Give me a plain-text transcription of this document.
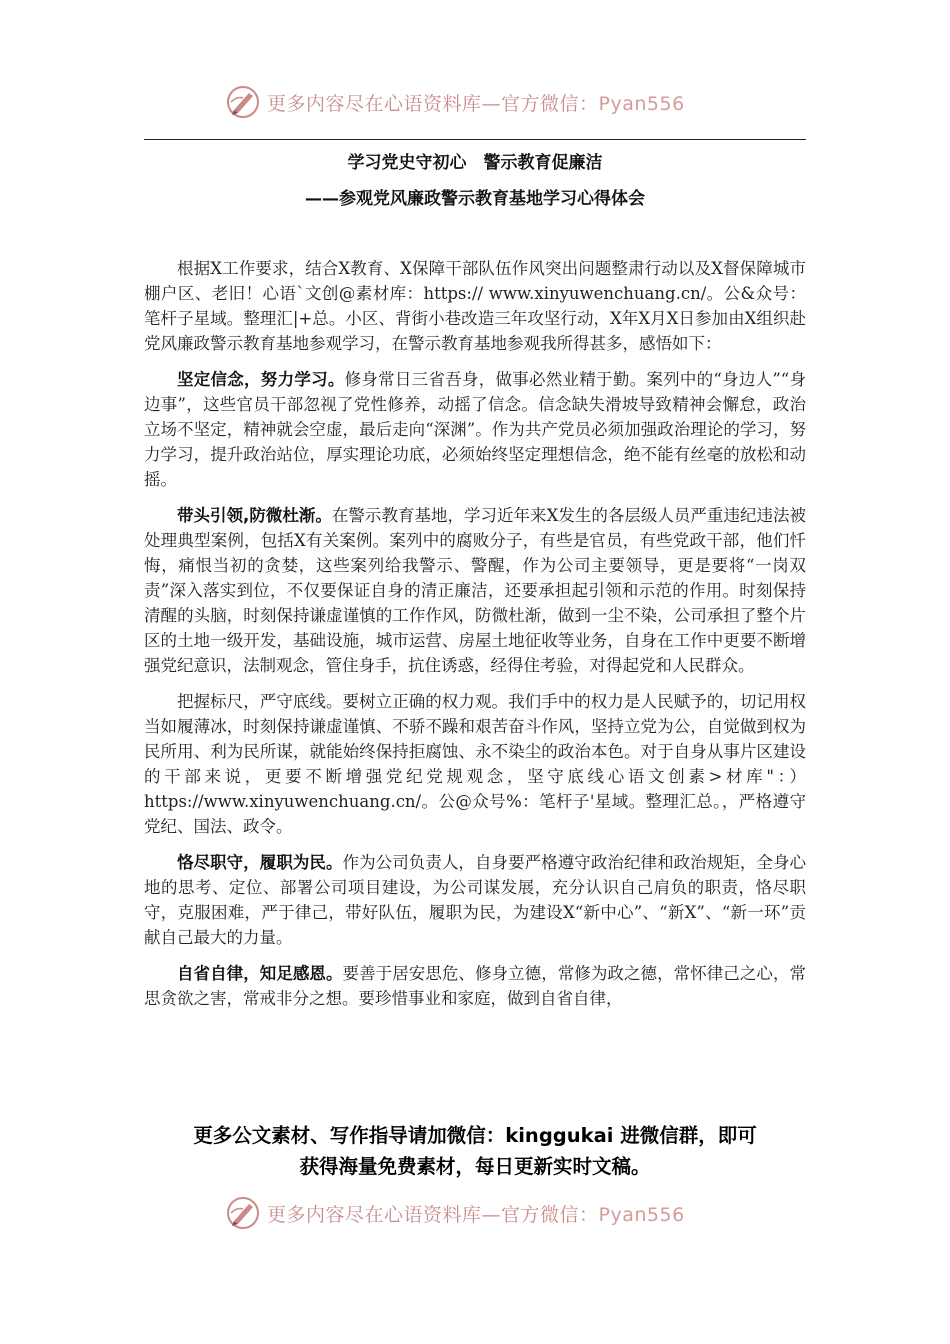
更多内容尽在心语资料库—官方微信：Pyan556
学习党史守初心　警示教育促廉洁
——参观党风廉政警示教育基地学习心得体会

根据X工作要求，结合X教育、X保障干部队伍作风突出问题整肃行动以及X督保障城市棚户区、老旧！心语`文创@素材库：https:// www.xinyuwenchuang.cn/。公&众号：笔杆子星域。整理汇|+总。小区、背街小巷改造三年攻坚行动，X年X月X日参加由X组织赴党风廉政警示教育基地参观学习，在警示教育基地参观我所得甚多，感悟如下：

坚定信念，努力学习。修身常日三省吾身，做事必然业精于勤。案列中的“身边人”“身边事”，这些官员干部忽视了党性修养，动摇了信念。信念缺失滑坡导致精神会懈怠，政治立场不坚定，精神就会空虚，最后走向“深渊”。作为共产党员必须加强政治理论的学习，努力学习，提升政治站位，厚实理论功底，必须始终坚定理想信念，绝不能有丝毫的放松和动摇。

带头引领,防微杜渐。在警示教育基地，学习近年来X发生的各层级人员严重违纪违法被处理典型案例，包括X有关案例。案列中的腐败分子，有些是官员，有些党政干部，他们忏悔，痛恨当初的贪婪，这些案列给我警示、警醒，作为公司主要领导，更是要将“一岗双责”深入落实到位，不仅要保证自身的清正廉洁，还要承担起引领和示范的作用。时刻保持清醒的头脑，时刻保持谦虚谨慎的工作作风，防微杜渐，做到一尘不染，公司承担了整个片区的土地一级开发，基础设施，城市运营、房屋土地征收等业务，自身在工作中更要不断增强党纪意识，法制观念，管住身手，抗住诱惑，经得住考验，对得起党和人民群众。

把握标尺，严守底线。要树立正确的权力观。我们手中的权力是人民赋予的，切记用权当如履薄冰，时刻保持谦虚谨慎、不骄不躁和艰苦奋斗作风，坚持立党为公，自觉做到权为民所用、利为民所谋，就能始终保持拒腐蚀、永不染尘的政治本色。对于自身从事片区建设的干部来说，更要不断增强党纪党规观念，坚守底线心语文创素>材库"：）https://www.xinyuwenchuang.cn/。公@众号%：笔杆子'星域。整理汇总。，严格遵守党纪、国法、政令。

恪尽职守，履职为民。作为公司负责人，自身要严格遵守政治纪律和政治规矩，全身心地的思考、定位、部署公司项目建设，为公司谋发展，充分认识自己肩负的职责，恪尽职守，克服困难，严于律己，带好队伍，履职为民，为建设X“新中心”、“新X”、“新一环”贡献自己最大的力量。

自省自律，知足感恩。要善于居安思危、修身立德，常修为政之德，常怀律己之心，常思贪欲之害，常戒非分之想。要珍惜事业和家庭，做到自省自律，

更多公文素材、写作指导请加微信：kinggukai 进微信群，即可
获得海量免费素材，每日更新实时文稿。
更多内容尽在心语资料库—官方微信：Pyan556
